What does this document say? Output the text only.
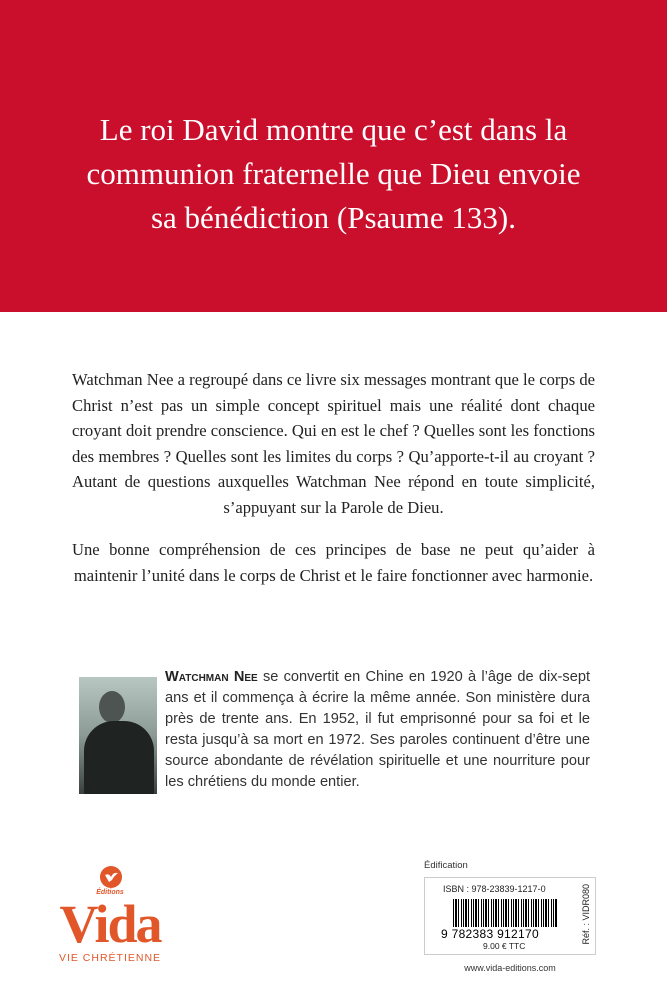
Le roi David montre que c’est dans la
communion fraternelle que Dieu envoie
sa bénédiction (Psaume 133).
Watchman Nee a regroupé dans ce livre six messages montrant que le corps de Christ n’est pas un simple concept spirituel mais une réalité dont chaque croyant doit prendre conscience. Qui en est le chef ? Quelles sont les fonctions des membres ? Quelles sont les limites du corps ? Qu’apporte-t-il au croyant ? Autant de questions auxquelles Watchman Nee répond en toute simplicité, s’appuyant sur la Parole de Dieu.
Une bonne compréhension de ces principes de base ne peut qu’aider à maintenir l’unité dans le corps de Christ et le faire fonctionner avec harmonie.
Watchman Nee se convertit en Chine en 1920 à l’âge de dix-sept ans et il commença à écrire la même année. Son ministère dura près de trente ans. En 1952, il fut emprisonné pour sa foi et le resta jusqu’à sa mort en 1972. Ses paroles continuent d’être une source abondante de révélation spirituelle et une nourriture pour les chrétiens du monde entier.
Éditions
Vida
VIE CHRÉTIENNE
Édification
ISBN : 978-23839-1217-0
9 782383 912170
9.00 € TTC
Réf. : VIDR080
www.vida-editions.com
